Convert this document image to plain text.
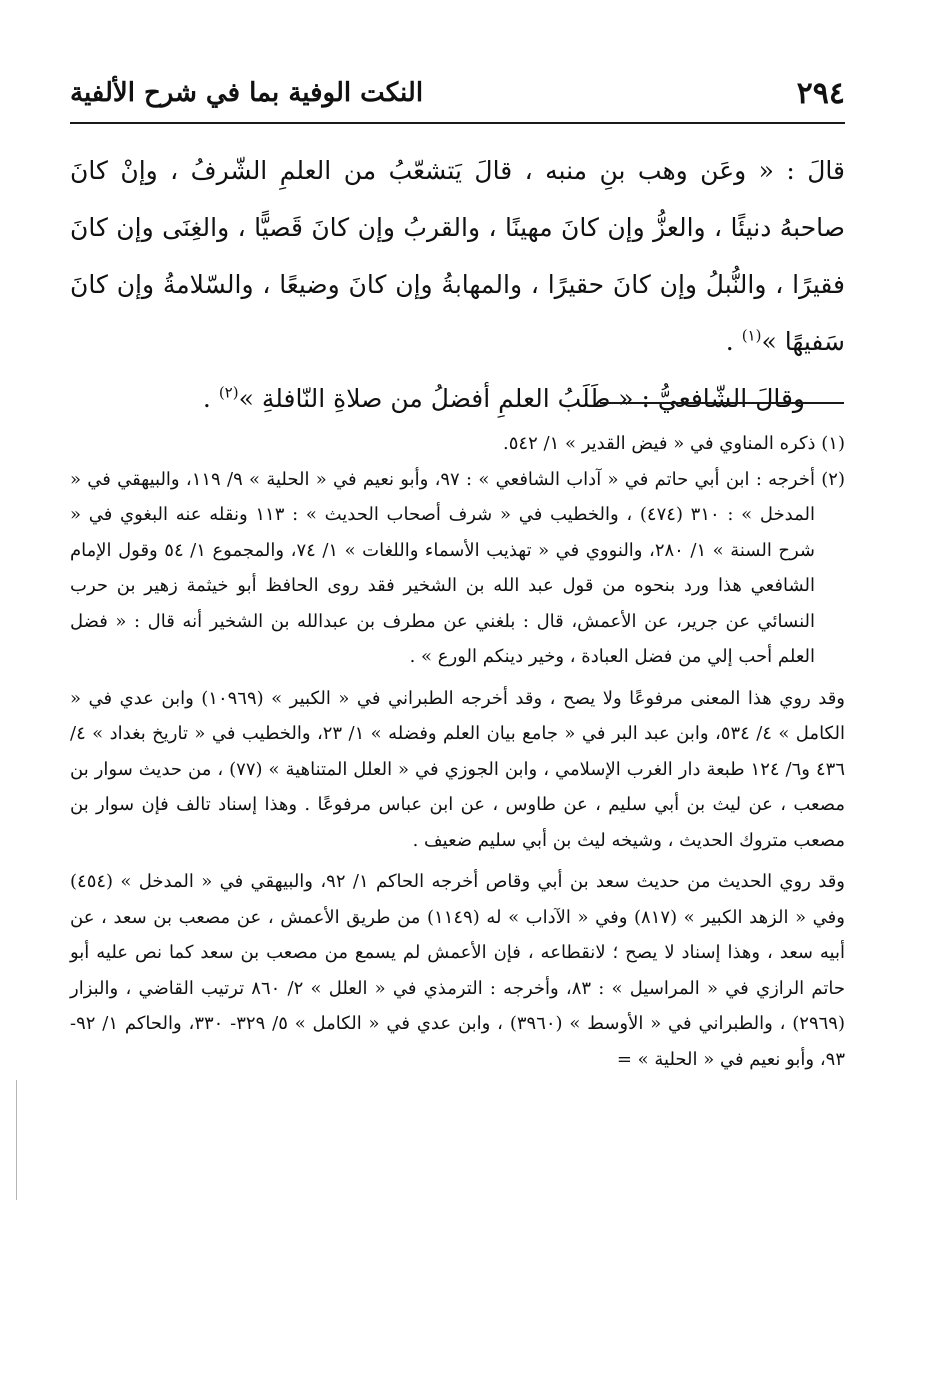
٢٩٤
النكت الوفية بما في شرح الألفية

قالَ : « وعَن وهب بنِ منبه ، قالَ يَتشعّبُ من العلمِ الشّرفُ ، وإنْ كانَ صاحبهُ دنيئًا ، والعزُّ وإن كانَ مهينًا ، والقربُ وإن كانَ قَصيًّا ، والغِنَى وإن كانَ فقيرًا ، والنُّبلُ وإن كانَ حقيرًا ، والمهابةُ وإن كانَ وضيعًا ، والسّلامةُ وإن كانَ سَفيهًا »$^{(١)}$ .

وقالَ الشّافعيُّ : « طَلَبُ العلمِ أفضلُ من صلاةِ النّافلةِ »$^{(٢)}$ .

(١) ذكره المناوي في « فيض القدير » ١/ ٥٤٢.

(٢) أخرجه : ابن أبي حاتم في « آداب الشافعي » : ٩٧، وأبو نعيم في « الحلية » ٩/ ١١٩، والبيهقي في « المدخل » : ٣١٠ (٤٧٤) ، والخطيب في « شرف أصحاب الحديث » : ١١٣ ونقله عنه البغوي في « شرح السنة » ١/ ٢٨٠، والنووي في « تهذيب الأسماء واللغات » ١/ ٧٤، والمجموع ١/ ٥٤ وقول الإمام الشافعي هذا ورد بنحوه من قول عبد الله بن الشخير فقد روى الحافظ أبو خيثمة زهير بن حرب النسائي عن جرير، عن الأعمش، قال : بلغني عن مطرف بن عبدالله بن الشخير أنه قال : « فضل العلم أحب إلي من فضل العبادة ، وخير دينكم الورع » .

وقد روي هذا المعنى مرفوعًا ولا يصح ، وقد أخرجه الطبراني في « الكبير » (١٠٩٦٩) وابن عدي في « الكامل » ٤/ ٥٣٤، وابن عبد البر في « جامع بيان العلم وفضله » ١/ ٢٣، والخطيب في « تاريخ بغداد » ٤/ ٤٣٦ و٦/ ١٢٤ طبعة دار الغرب الإسلامي ، وابن الجوزي في « العلل المتناهية » (٧٧) ، من حديث سوار بن مصعب ، عن ليث بن أبي سليم ، عن طاوس ، عن ابن عباس مرفوعًا . وهذا إسناد تالف فإن سوار بن مصعب متروك الحديث ، وشيخه ليث بن أبي سليم ضعيف .

وقد روي الحديث من حديث سعد بن أبي وقاص أخرجه الحاكم ١/ ٩٢، والبيهقي في « المدخل » (٤٥٤) وفي « الزهد الكبير » (٨١٧) وفي « الآداب » له (١١٤٩) من طريق الأعمش ، عن مصعب بن سعد ، عن أبيه سعد ، وهذا إسناد لا يصح ؛ لانقطاعه ، فإن الأعمش لم يسمع من مصعب بن سعد كما نص عليه أبو حاتم الرازي في « المراسيل » : ٨٣، وأخرجه : الترمذي في « العلل » ٢/ ٨٦٠ ترتيب القاضي ، والبزار (٢٩٦٩) ، والطبراني في « الأوسط » (٣٩٦٠) ، وابن عدي في « الكامل » ٥/ ٣٢٩- ٣٣٠، والحاكم ١/ ٩٢- ٩٣، وأبو نعيم في « الحلية » =
